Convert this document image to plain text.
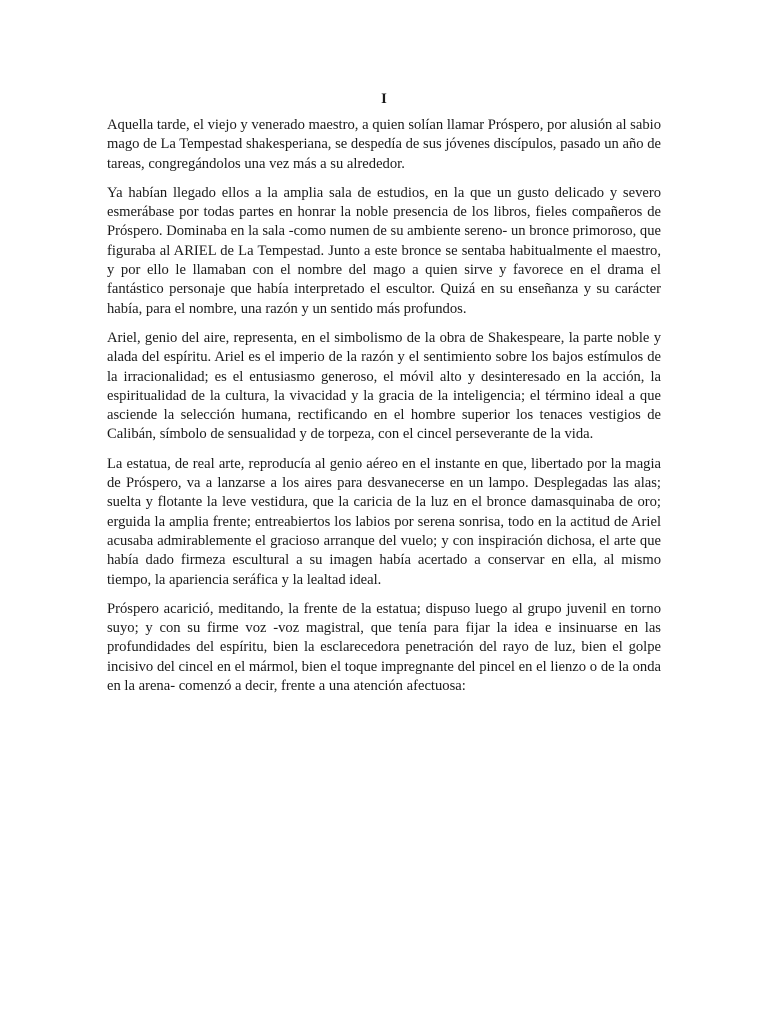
I

Aquella tarde, el viejo y venerado maestro, a quien solían llamar Próspero, por alusión al sabio mago de La Tempestad shakesperiana, se despedía de sus jóvenes discípulos, pasado un año de tareas, congregándolos una vez más a su alrededor.

Ya habían llegado ellos a la amplia sala de estudios, en la que un gusto delicado y severo esmerábase por todas partes en honrar la noble presencia de los libros, fieles compañeros de Próspero. Dominaba en la sala -como numen de su ambiente sereno- un bronce primoroso, que figuraba al ARIEL de La Tempestad. Junto a este bronce se sentaba habitualmente el maestro, y por ello le llamaban con el nombre del mago a quien sirve y favorece en el drama el fantástico personaje que había interpretado el escultor. Quizá en su enseñanza y su carácter había, para el nombre, una razón y un sentido más profundos.

Ariel, genio del aire, representa, en el simbolismo de la obra de Shakespeare, la parte noble y alada del espíritu. Ariel es el imperio de la razón y el sentimiento sobre los bajos estímulos de la irracionalidad; es el entusiasmo generoso, el móvil alto y desinteresado en la acción, la espiritualidad de la cultura, la vivacidad y la gracia de la inteligencia; el término ideal a que asciende la selección humana, rectificando en el hombre superior los tenaces vestigios de Calibán, símbolo de sensualidad y de torpeza, con el cincel perseverante de la vida.

La estatua, de real arte, reproducía al genio aéreo en el instante en que, libertado por la magia de Próspero, va a lanzarse a los aires para desvanecerse en un lampo. Desplegadas las alas; suelta y flotante la leve vestidura, que la caricia de la luz en el bronce damasquinaba de oro; erguida la amplia frente; entreabiertos los labios por serena sonrisa, todo en la actitud de Ariel acusaba admirablemente el gracioso arranque del vuelo; y con inspiración dichosa, el arte que había dado firmeza escultural a su imagen había acertado a conservar en ella, al mismo tiempo, la apariencia seráfica y la lealtad ideal.

Próspero acarició, meditando, la frente de la estatua; dispuso luego al grupo juvenil en torno suyo; y con su firme voz -voz magistral, que tenía para fijar la idea e insinuarse en las profundidades del espíritu, bien la esclarecedora penetración del rayo de luz, bien el golpe incisivo del cincel en el mármol, bien el toque impregnante del pincel en el lienzo o de la onda en la arena- comenzó a decir, frente a una atención afectuosa:
